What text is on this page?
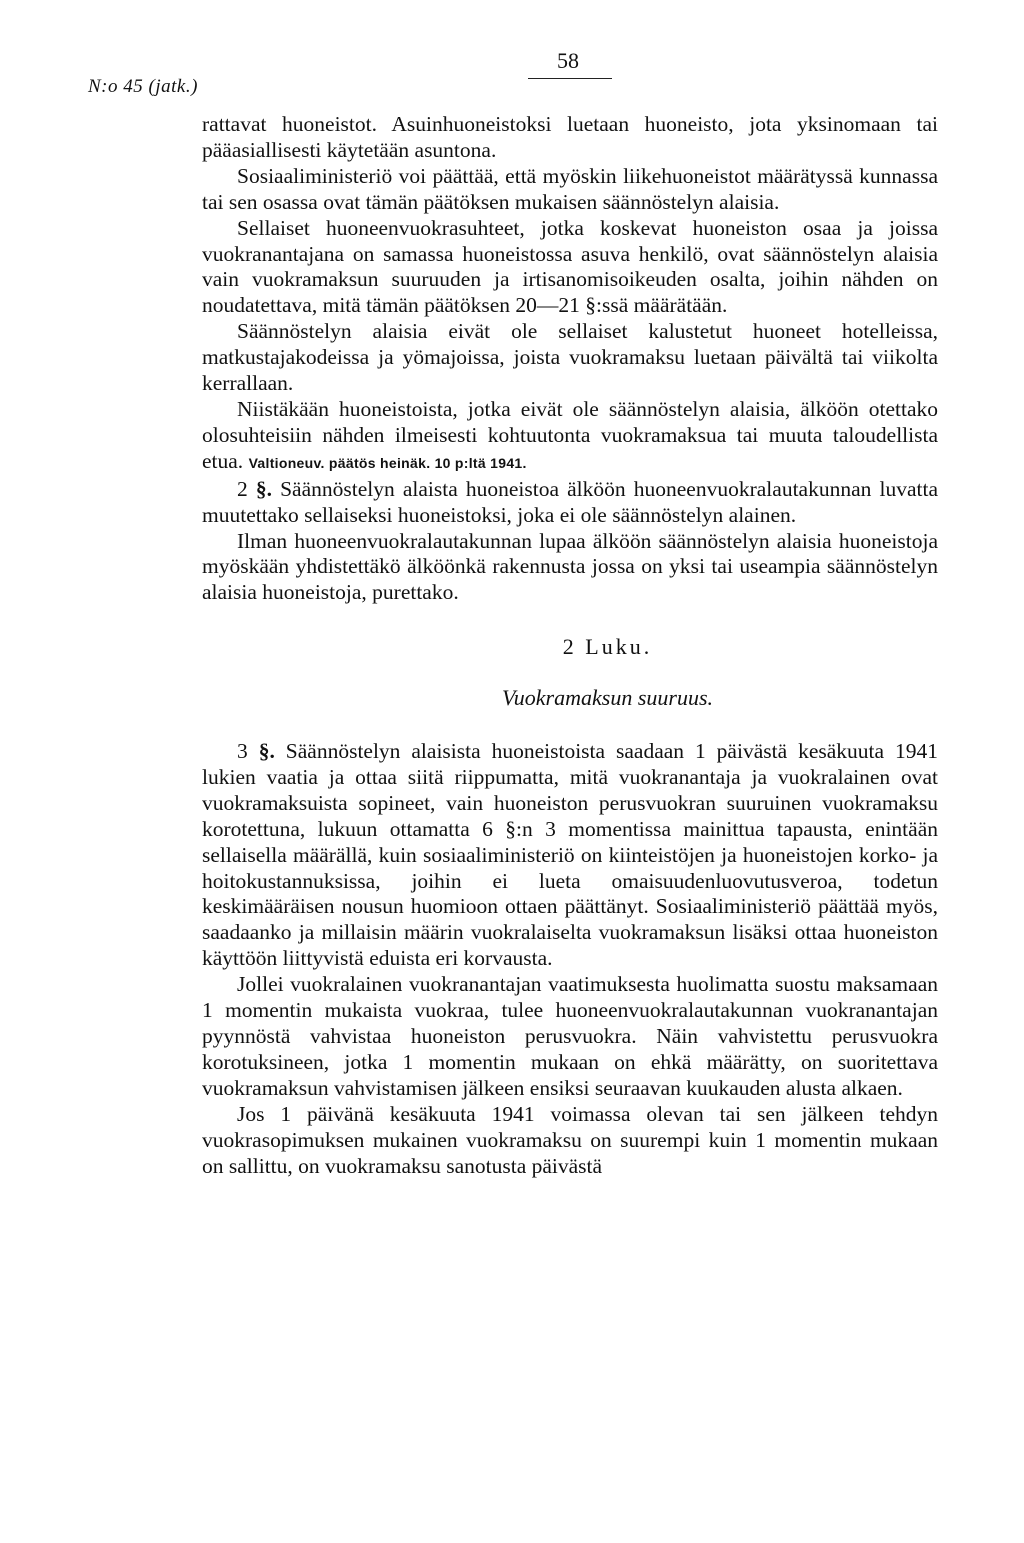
N:o 45 (jatk.)
58

rattavat huoneistot. Asuinhuoneistoksi luetaan huoneisto, jota yksinomaan tai pääasiallisesti käytetään asuntona.

Sosiaaliministeriö voi päättää, että myöskin liikehuoneistot määrätyssä kunnassa tai sen osassa ovat tämän päätöksen mukaisen säännöstelyn alaisia.

Sellaiset huoneenvuokrasuhteet, jotka koskevat huoneiston osaa ja joissa vuokranantajana on samassa huoneistossa asuva henkilö, ovat säännöstelyn alaisia vain vuokramaksun suuruuden ja irtisanomisoikeuden osalta, joihin nähden on noudatettava, mitä tämän päätöksen 20—21 §:ssä määrätään.

Säännöstelyn alaisia eivät ole sellaiset kalustetut huoneet hotelleissa, matkustajakodeissa ja yömajoissa, joista vuokramaksu luetaan päivältä tai viikolta kerrallaan.

Niistäkään huoneistoista, jotka eivät ole säännöstelyn alaisia, älköön otettako olosuhteisiin nähden ilmeisesti kohtuutonta vuokramaksua tai muuta taloudellista etua. Valtioneuv. päätös heinäk. 10 p:ltä 1941.

2 §. Säännöstelyn alaista huoneistoa älköön huoneenvuokralautakunnan luvatta muutettako sellaiseksi huoneistoksi, joka ei ole säännöstelyn alainen.

Ilman huoneenvuokralautakunnan lupaa älköön säännöstelyn alaisia huoneistoja myöskään yhdistettäkö älköönkä rakennusta jossa on yksi tai useampia säännöstelyn alaisia huoneistoja, purettako.

2 Luku.

Vuokramaksun suuruus.

3 §. Säännöstelyn alaisista huoneistoista saadaan 1 päivästä kesäkuuta 1941 lukien vaatia ja ottaa siitä riippumatta, mitä vuokranantaja ja vuokralainen ovat vuokramaksuista sopineet, vain huoneiston perusvuokran suuruinen vuokramaksu korotettuna, lukuun ottamatta 6 §:n 3 momentissa mainittua tapausta, enintään sellaisella määrällä, kuin sosiaaliministeriö on kiinteistöjen ja huoneistojen korko- ja hoitokustannuksissa, joihin ei lueta omaisuudenluovutusveroa, todetun keskimääräisen nousun huomioon ottaen päättänyt. Sosiaaliministeriö päättää myös, saadaanko ja millaisin määrin vuokralaiselta vuokramaksun lisäksi ottaa huoneiston käyttöön liittyvistä eduista eri korvausta.

Jollei vuokralainen vuokranantajan vaatimuksesta huolimatta suostu maksamaan 1 momentin mukaista vuokraa, tulee huoneenvuokralautakunnan vuokranantajan pyynnöstä vahvistaa huoneiston perusvuokra. Näin vahvistettu perusvuokra korotuksineen, jotka 1 momentin mukaan on ehkä määrätty, on suoritettava vuokramaksun vahvistamisen jälkeen ensiksi seuraavan kuukauden alusta alkaen.

Jos 1 päivänä kesäkuuta 1941 voimassa olevan tai sen jälkeen tehdyn vuokrasopimuksen mukainen vuokramaksu on suurempi kuin 1 momentin mukaan on sallittu, on vuokramaksu sanotusta päivästä
